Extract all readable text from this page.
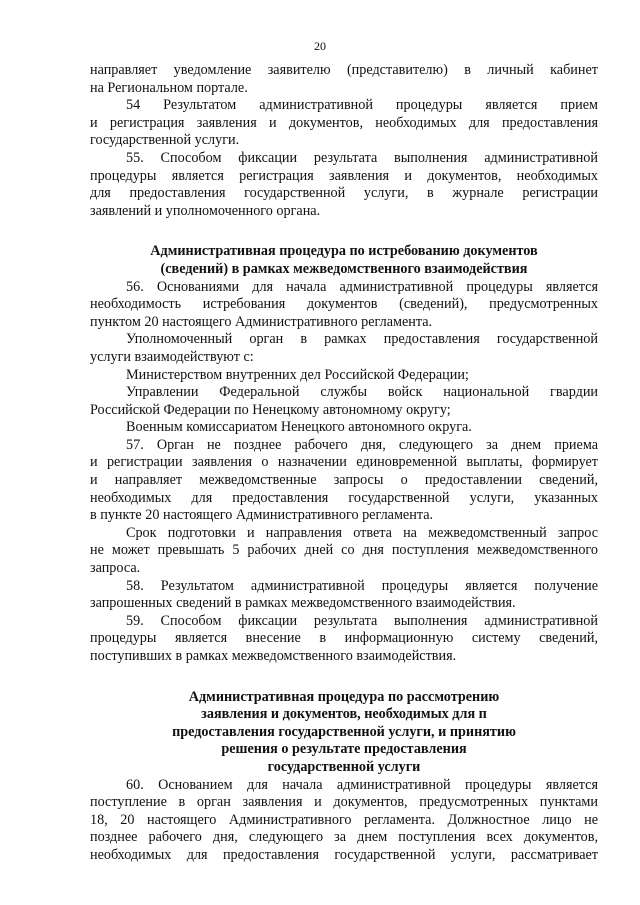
20

направляет уведомление заявителю (представителю) в личный кабинет
на Региональном портале.

54 Результатом административной процедуры является прием
и регистрация заявления и документов, необходимых для предоставления
государственной услуги.

55. Способом фиксации результата выполнения административной
процедуры является регистрация заявления и документов, необходимых
для предоставления государственной услуги, в журнале регистрации
заявлений и уполномоченного органа.

Административная процедура по истребованию документов
(сведений) в рамках межведомственного взаимодействия

56. Основаниями для начала административной процедуры является
необходимость истребования документов (сведений), предусмотренных
пунктом 20 настоящего Административного регламента.

Уполномоченный орган в рамках предоставления государственной
услуги взаимодействуют с:

Министерством внутренних дел Российской Федерации;

Управлении Федеральной службы войск национальной гвардии
Российской Федерации по Ненецкому автономному округу;

Военным комиссариатом Ненецкого автономного округа.

57. Орган не позднее рабочего дня, следующего за днем приема
и регистрации заявления о назначении единовременной выплаты, формирует
и направляет межведомственные запросы о предоставлении сведений,
необходимых для предоставления государственной услуги, указанных
в пункте 20 настоящего Административного регламента.

Срок подготовки и направления ответа на межведомственный запрос
не может превышать 5 рабочих дней со дня поступления межведомственного
запроса.

58. Результатом административной процедуры является получение
запрошенных сведений в рамках межведомственного взаимодействия.

59. Способом фиксации результата выполнения административной
процедуры является внесение в информационную систему сведений,
поступивших в рамках межведомственного взаимодействия.

Административная процедура по рассмотрению
заявления и документов, необходимых для п
предоставления государственной услуги, и принятию
решения о результате предоставления
государственной услуги

60. Основанием для начала административной процедуры является
поступление в орган заявления и документов, предусмотренных пунктами
18, 20 настоящего Административного регламента. Должностное лицо не
позднее рабочего дня, следующего за днем поступления всех документов,
необходимых для предоставления государственной услуги, рассматривает
